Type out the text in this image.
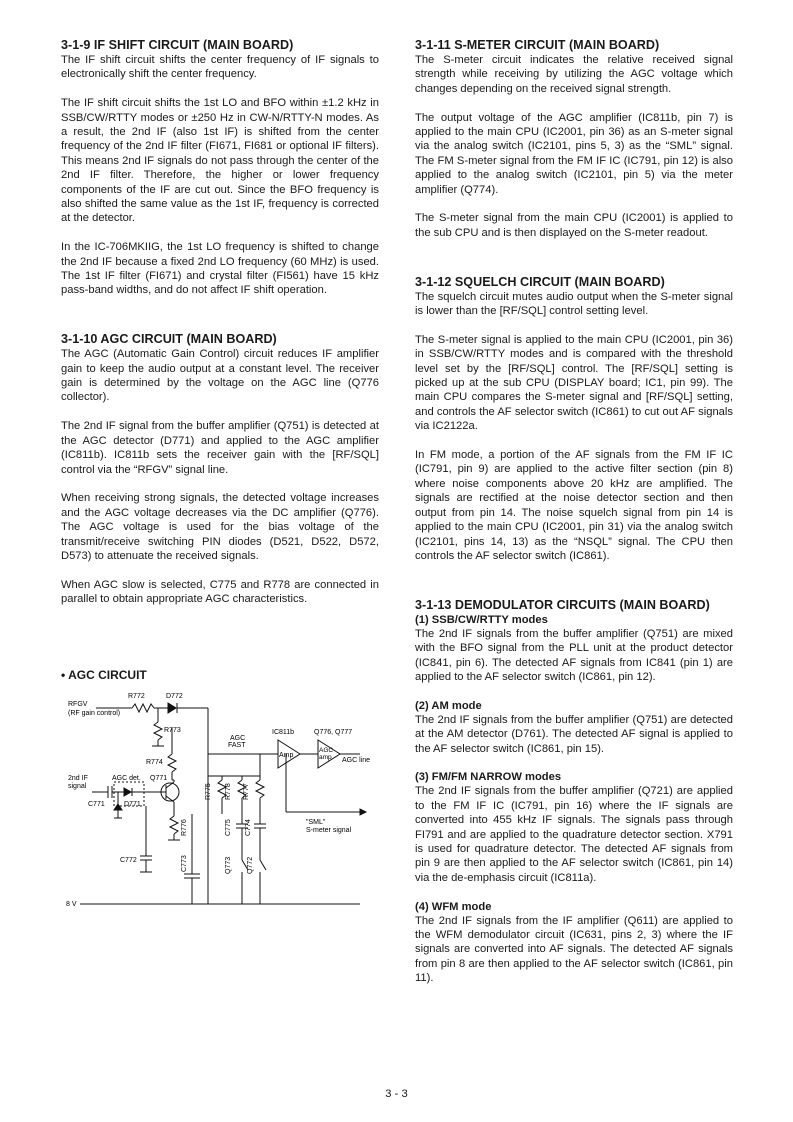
3-1-9 IF SHIFT CIRCUIT (MAIN BOARD)

The IF shift circuit shifts the center frequency of IF signals to electronically shift the center frequency.

The IF shift circuit shifts the 1st LO and BFO within ±1.2 kHz in SSB/CW/RTTY modes or ±250 Hz in CW-N/RTTY-N modes. As a result, the 2nd IF (also 1st IF) is shifted from the center frequency of the 2nd IF filter (FI671, FI681 or optional IF filters). This means 2nd IF signals do not pass through the center of the 2nd IF filter. Therefore, the higher or lower frequency components of the IF are cut out. Since the BFO frequency is also shifted the same value as the 1st IF, frequency is corrected at the detector.

In the IC-706MKIIG, the 1st LO frequency is shifted to change the 2nd IF because a fixed 2nd LO frequency (60 MHz) is used. The 1st IF filter (FI671) and crystal filter (FI561) have 15 kHz pass-band widths, and do not affect IF shift operation.

3-1-10 AGC CIRCUIT (MAIN BOARD)

The AGC (Automatic Gain Control) circuit reduces IF amplifier gain to keep the audio output at a constant level. The receiver gain is determined by the voltage on the AGC line (Q776 collector).

The 2nd IF signal from the buffer amplifier (Q751) is detected at the AGC detector (D771) and applied to the AGC amplifier (IC811b). IC811b sets the receiver gain with the [RF/SQL] control via the “RFGV” signal line.

When receiving strong signals, the detected voltage increases and the AGC voltage decreases via the DC amplifier (Q776). The AGC voltage is used for the bias voltage of the transmit/receive switching PIN diodes (D521, D522, D572, D573) to attenuate the received signals.

When AGC slow is selected, C775 and R778 are connected in parallel to obtain appropriate AGC characteristics.

• AGC CIRCUIT
RFGV
(RF gain control)
R772	D772
R773
R774
AGC
FAST
IC811b
Amp
Q776, Q777
AGC
amp AGC line
2nd IF
signal
AGC det. Q771
C771	D771
R775 R778 R777
C775 C774
R776	"SML"
S-meter signal
C772	C773	Q773 Q772
8 V
3-1-11 S-METER CIRCUIT (MAIN BOARD)

The S-meter circuit indicates the relative received signal strength while receiving by utilizing the AGC voltage which changes depending on the received signal strength.

The output voltage of the AGC amplifier (IC811b, pin 7) is applied to the main CPU (IC2001, pin 36) as an S-meter signal via the analog switch (IC2101, pins 5, 3) as the “SML” signal. The FM S-meter signal from the FM IF IC (IC791, pin 12) is also applied to the analog switch (IC2101, pin 5) via the meter amplifier (Q774).

The S-meter signal from the main CPU (IC2001) is applied to the sub CPU and is then displayed on the S-meter readout.

3-1-12 SQUELCH CIRCUIT (MAIN BOARD)

The squelch circuit mutes audio output when the S-meter signal is lower than the [RF/SQL] control setting level.

The S-meter signal is applied to the main CPU (IC2001, pin 36) in SSB/CW/RTTY modes and is compared with the threshold level set by the [RF/SQL] control. The [RF/SQL] setting is picked up at the sub CPU (DISPLAY board; IC1, pin 99). The main CPU compares the S-meter signal and [RF/SQL] setting, and controls the AF selector switch (IC861) to cut out AF signals via IC2122a.

In FM mode, a portion of the AF signals from the FM IF IC (IC791, pin 9) are applied to the active filter section (pin 8) where noise components above 20 kHz are amplified. The signals are rectified at the noise detector section and then output from pin 14. The noise squelch signal from pin 14 is applied to the main CPU (IC2001, pin 31) via the analog switch (IC2101, pins 14, 13) as the “NSQL” signal. The CPU then controls the AF selector switch (IC861).

3-1-13 DEMODULATOR CIRCUITS (MAIN BOARD)
(1) SSB/CW/RTTY modes

The 2nd IF signals from the buffer amplifier (Q751) are mixed with the BFO signal from the PLL unit at the product detector (IC841, pin 6). The detected AF signals from IC841 (pin 1) are applied to the AF selector switch (IC861, pin 12).

(2) AM mode

The 2nd IF signals from the buffer amplifier (Q751) are detected at the AM detector (D761). The detected AF signal is applied to the AF selector switch (IC861, pin 15).

(3) FM/FM NARROW modes

The 2nd IF signals from the buffer amplifier (Q721) are applied to the FM IF IC (IC791, pin 16) where the IF signals are converted into 455 kHz IF signals. The signals pass through FI791 and are applied to the quadrature detector section. X791 is used for quadrature detector. The detected AF signals from pin 9 are then applied to the AF selector switch (IC861, pin 14) via the de-emphasis circuit (IC811a).

(4) WFM mode

The 2nd IF signals from the IF amplifier (Q611) are applied to the WFM demodulator circuit (IC631, pins 2, 3) where the IF signals are converted into AF signals. The detected AF signals from pin 8 are then applied to the AF selector switch (IC861, pin 11).

3 - 3
